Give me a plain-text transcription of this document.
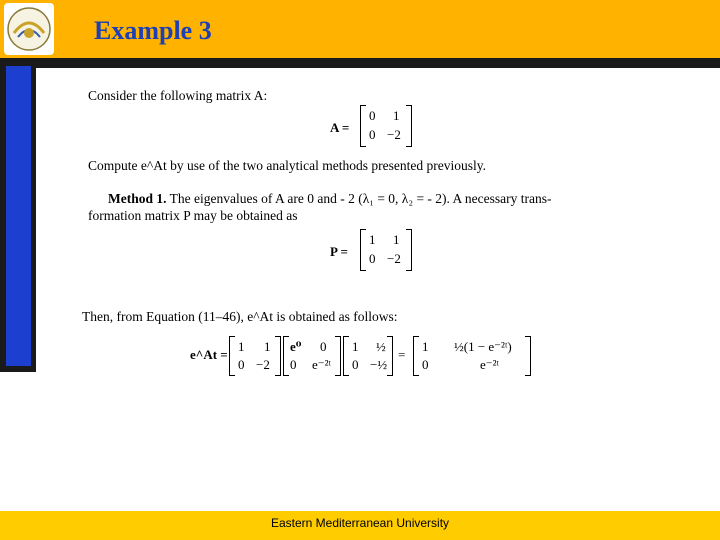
Example 3
Consider the following matrix A:
A =
0 1
0 −2
Compute e^At by use of the two analytical methods presented previously.
Method 1. The eigenvalues of A are 0 and - 2 (λ₁ = 0, λ₂ = - 2). A necessary trans-
formation matrix P may be obtained as
P =
1 1
0 −2
Then, from Equation (11–46), e^At is obtained as follows:
e^At =
1 1
0 −2
e⁰ 0
0 e⁻²ᵗ
1 ½
0 −½
=
1 ½(1 − e⁻²ᵗ)
0	e⁻²ᵗ
Eastern Mediterranean University
